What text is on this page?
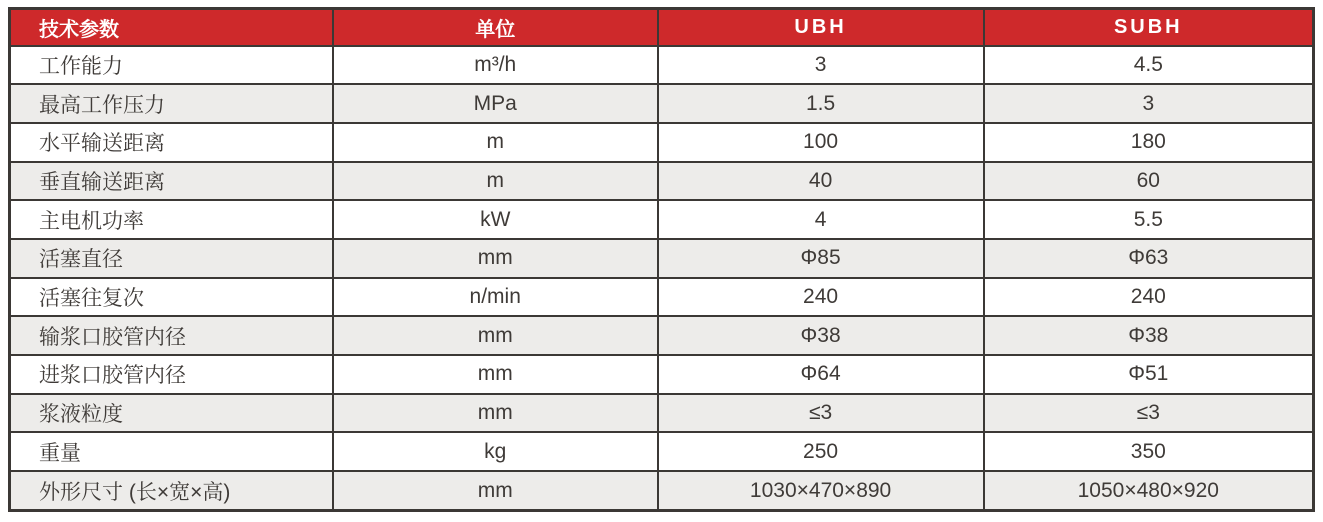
技术参数	单位	UBH	SUBH
工作能力	m³/h	3	4.5
最高工作压力	MPa	1.5	3
水平输送距离	m	100	180
垂直输送距离	m	40	60
主电机功率	kW	4	5.5
活塞直径	mm	Φ85	Φ63
活塞往复次	n/min	240	240
输浆口胶管内径	mm	Φ38	Φ38
进浆口胶管内径	mm	Φ64	Φ51
浆液粒度	mm	≤3	≤3
重量	kg	250	350
外形尺寸 (长×宽×高)	mm	1030×470×890	1050×480×920
